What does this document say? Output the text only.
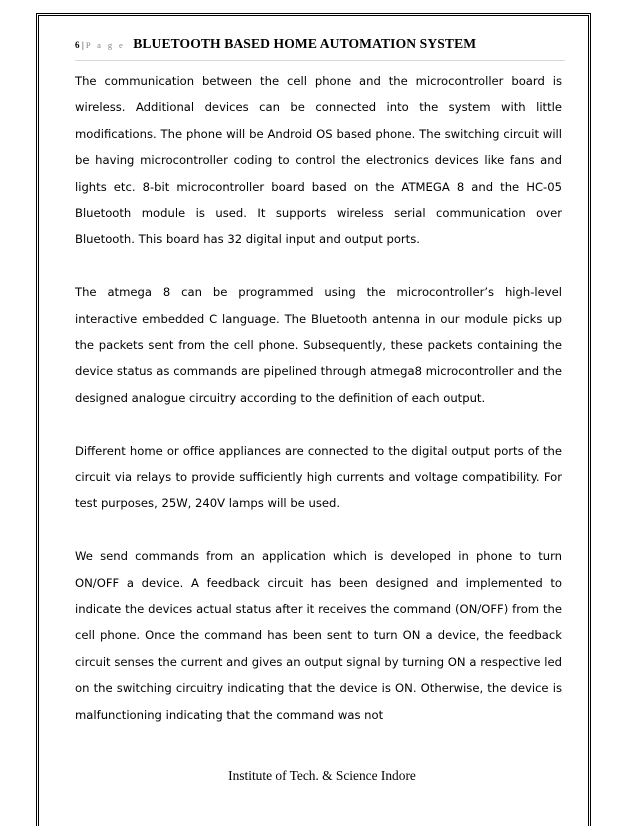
6 | P a g e BLUETOOTH BASED HOME AUTOMATION SYSTEM

The communication between the cell phone and the microcontroller board is wireless. Additional devices can be connected into the system with little modifications. The phone will be Android OS based phone. The switching circuit will be having microcontroller coding to control the electronics devices like fans and lights etc. 8-bit microcontroller board based on the ATMEGA 8 and the HC-05 Bluetooth module is used. It supports wireless serial communication over Bluetooth. This board has 32 digital input and output ports.

The atmega 8 can be programmed using the microcontroller’s high-level interactive embedded C language. The Bluetooth antenna in our module picks up the packets sent from the cell phone. Subsequently, these packets containing the device status as commands are pipelined through atmega8 microcontroller and the designed analogue circuitry according to the definition of each output.

Different home or office appliances are connected to the digital output ports of the circuit via relays to provide sufficiently high currents and voltage compatibility. For test purposes, 25W, 240V lamps will be used.

We send commands from an application which is developed in phone to turn ON/OFF a device. A feedback circuit has been designed and implemented to indicate the devices actual status after it receives the command (ON/OFF) from the cell phone. Once the command has been sent to turn ON a device, the feedback circuit senses the current and gives an output signal by turning ON a respective led on the switching circuitry indicating that the device is ON. Otherwise, the device is malfunctioning indicating that the command was not

Institute of Tech. & Science Indore
